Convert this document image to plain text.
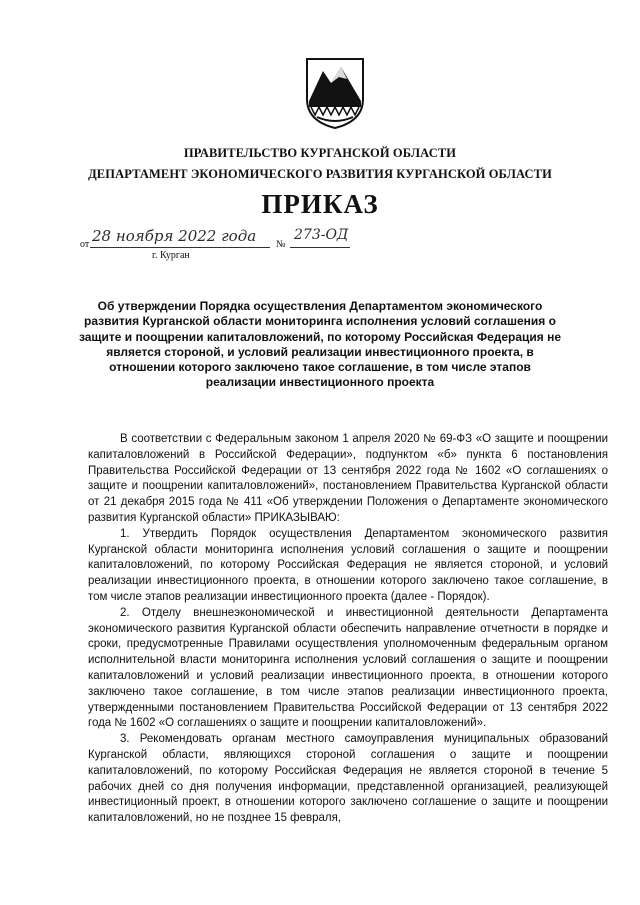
ПРАВИТЕЛЬСТВО КУРГАНСКОЙ ОБЛАСТИ
ДЕПАРТАМЕНТ ЭКОНОМИЧЕСКОГО РАЗВИТИЯ КУРГАНСКОЙ ОБЛАСТИ
ПРИКАЗ
от 28 ноября 2022 года №
273-ОД
г. Курган
Об утверждении Порядка осуществления Департаментом экономического развития Курганской области мониторинга исполнения условий соглашения о защите и поощрении капиталовложений, по которому Российская Федерация не является стороной, и условий реализации инвестиционного проекта, в отношении которого заключено такое соглашение, в том числе этапов реализации инвестиционного проекта

В соответствии с Федеральным законом 1 апреля 2020 № 69-ФЗ «О защите и поощрении капиталовложений в Российской Федерации», подпунктом «б» пункта 6 постановления Правительства Российской Федерации от 13 сентября 2022 года № 1602 «О соглашениях о защите и поощрении капиталовложений», постановлением Правительства Курганской области от 21 декабря 2015 года № 411 «Об утверждении Положения о Департаменте экономического развития Курганской области» ПРИКАЗЫВАЮ:

1. Утвердить Порядок осуществления Департаментом экономического развития Курганской области мониторинга исполнения условий соглашения о защите и поощрении капиталовложений, по которому Российская Федерация не является стороной, и условий реализации инвестиционного проекта, в отношении которого заключено такое соглашение, в том числе этапов реализации инвестиционного проекта (далее - Порядок).

2. Отделу внешнеэкономической и инвестиционной деятельности Департамента экономического развития Курганской области обеспечить направление отчетности в порядке и сроки, предусмотренные Правилами осуществления уполномоченным федеральным органом исполнительной власти мониторинга исполнения условий соглашения о защите и поощрении капиталовложений и условий реализации инвестиционного проекта, в отношении которого заключено такое соглашение, в том числе этапов реализации инвестиционного проекта, утвержденными постановлением Правительства Российской Федерации от 13 сентября 2022 года № 1602 «О соглашениях о защите и поощрении капиталовложений».

3. Рекомендовать органам местного самоуправления муниципальных образований Курганской области, являющихся стороной соглашения о защите и поощрении капиталовложений, по которому Российская Федерация не является стороной в течение 5 рабочих дней со дня получения информации, представленной организацией, реализующей инвестиционный проект, в отношении которого заключено соглашение о защите и поощрении капиталовложений, но не позднее 15 февраля,
